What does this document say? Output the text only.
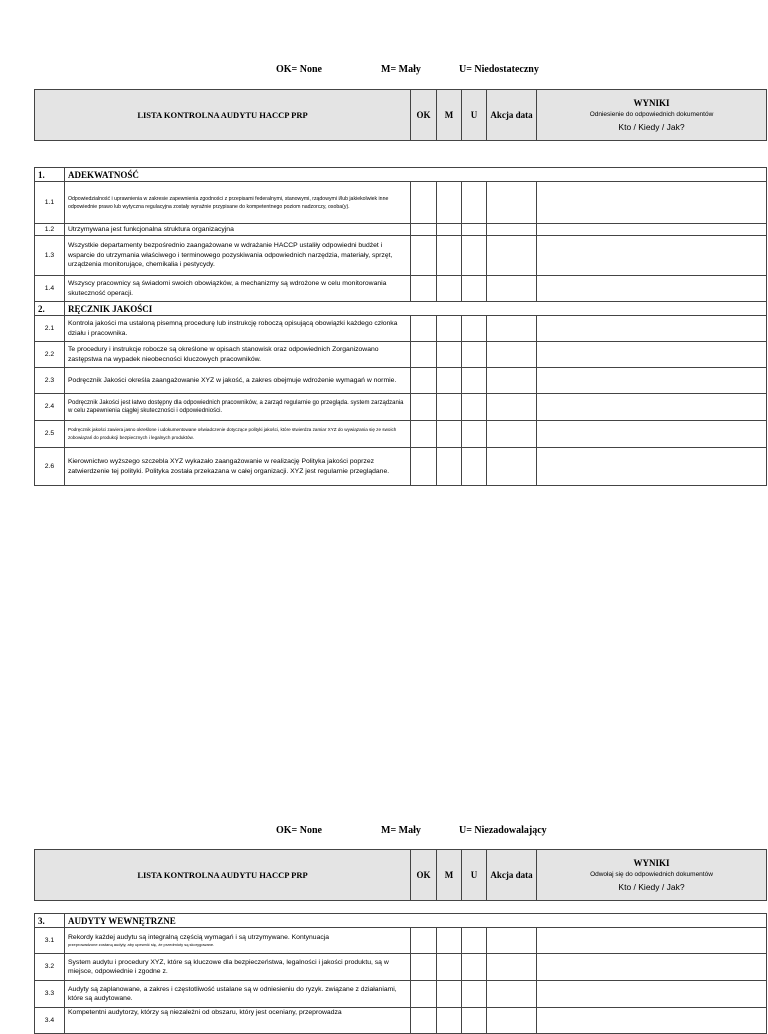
OK= None	M= Mały	U= Niedostateczny
LISTA KONTROLNA AUDYTU HACCP PRP	OK	M	U	Akcja data	
WYNIKI
Odniesienie do odpowiednich dokumentów
Kto / Kiedy / Jak?
1.	ADEKWATNOŚĆ					
1.1	Odpowiedzialność i uprawnienia w zakresie zapewnienia zgodności z przepisami federalnymi, stanowymi, rządowymi i/lub jakiekolwiek inne odpowiednie prawo lub wytyczna regulacyjna zostały wyraźnie przypisane do kompetentnego poziom nadzorczy, osoba(y).					
1.2	Utrzymywana jest funkcjonalna struktura organizacyjna					
1.3	Wszystkie departamenty bezpośrednio zaangażowane w wdrażanie HACCP ustaliły odpowiedni budżet i wsparcie do utrzymania właściwego i terminowego pozyskiwania odpowiednich narzędzia, materiały, sprzęt, urządzenia monitorujące, chemikalia i pestycydy.					
1.4	Wszyscy pracownicy są świadomi swoich obowiązków, a mechanizmy są wdrożone w celu monitorowania skuteczność operacji.					
2.	RĘCZNIK JAKOŚCI					
2.1	Kontrola jakości ma ustaloną pisemną procedurę lub instrukcję roboczą opisującą obowiązki każdego członka działu i pracownika.					
2.2	Te procedury i instrukcje robocze są określone w opisach stanowisk oraz odpowiednich Zorganizowano zastępstwa na wypadek nieobecności kluczowych pracowników.					
2.3	Podręcznik Jakości określa zaangażowanie XYZ w jakość, a zakres obejmuje wdrożenie wymagań w normie.					
2.4	Podręcznik Jakości jest łatwo dostępny dla odpowiednich pracowników, a zarząd regularnie go przegląda. system zarządzania w celu zapewnienia ciągłej skuteczności i odpowiedniości.					
2.5	Podręcznik jakości zawiera jasno określone i udokumentowane oświadczenie dotyczące polityki jakości, które stwierdza zamiar XYZ do wywiązania się ze swoich zobowiązań do produkcji bezpiecznych i legalnych produktów.					
2.6	Kierownictwo wyższego szczebla XYZ wykazało zaangażowanie w realizację Polityka jakości poprzez zatwierdzenie tej polityki. Polityka została przekazana w całej organizacji. XYZ jest regularnie przeglądane.					
OK= None	M= Mały	U= Niezadowalający
LISTA KONTROLNA AUDYTU HACCP PRP	OK	M	U	Akcja data	
WYNIKI
Odwołaj się do odpowiednich dokumentów
Kto / Kiedy / Jak?
3.	AUDYTY WEWNĘTRZNE					
3.1	Rekordy każdej audytu są integralną częścią wymagań i są utrzymywane. Kontynuacja
przeprowadzone zostaną audyty, aby upewnić się, że przedmioty są skorygowane.					

3.2	System audytu i procedury XYZ, które są kluczowe dla bezpieczeństwa, legalności i jakości produktu, są w miejsce, odpowiednie i zgodne z.					
3.3	Audyty są zaplanowane, a zakres i częstotliwość ustalane są w odniesieniu do ryzyk. związane z działaniami, które są audytowane.					
3.4	Kompetentni audytorzy, którzy są niezależni od obszaru, który jest oceniany, przeprowadza					
